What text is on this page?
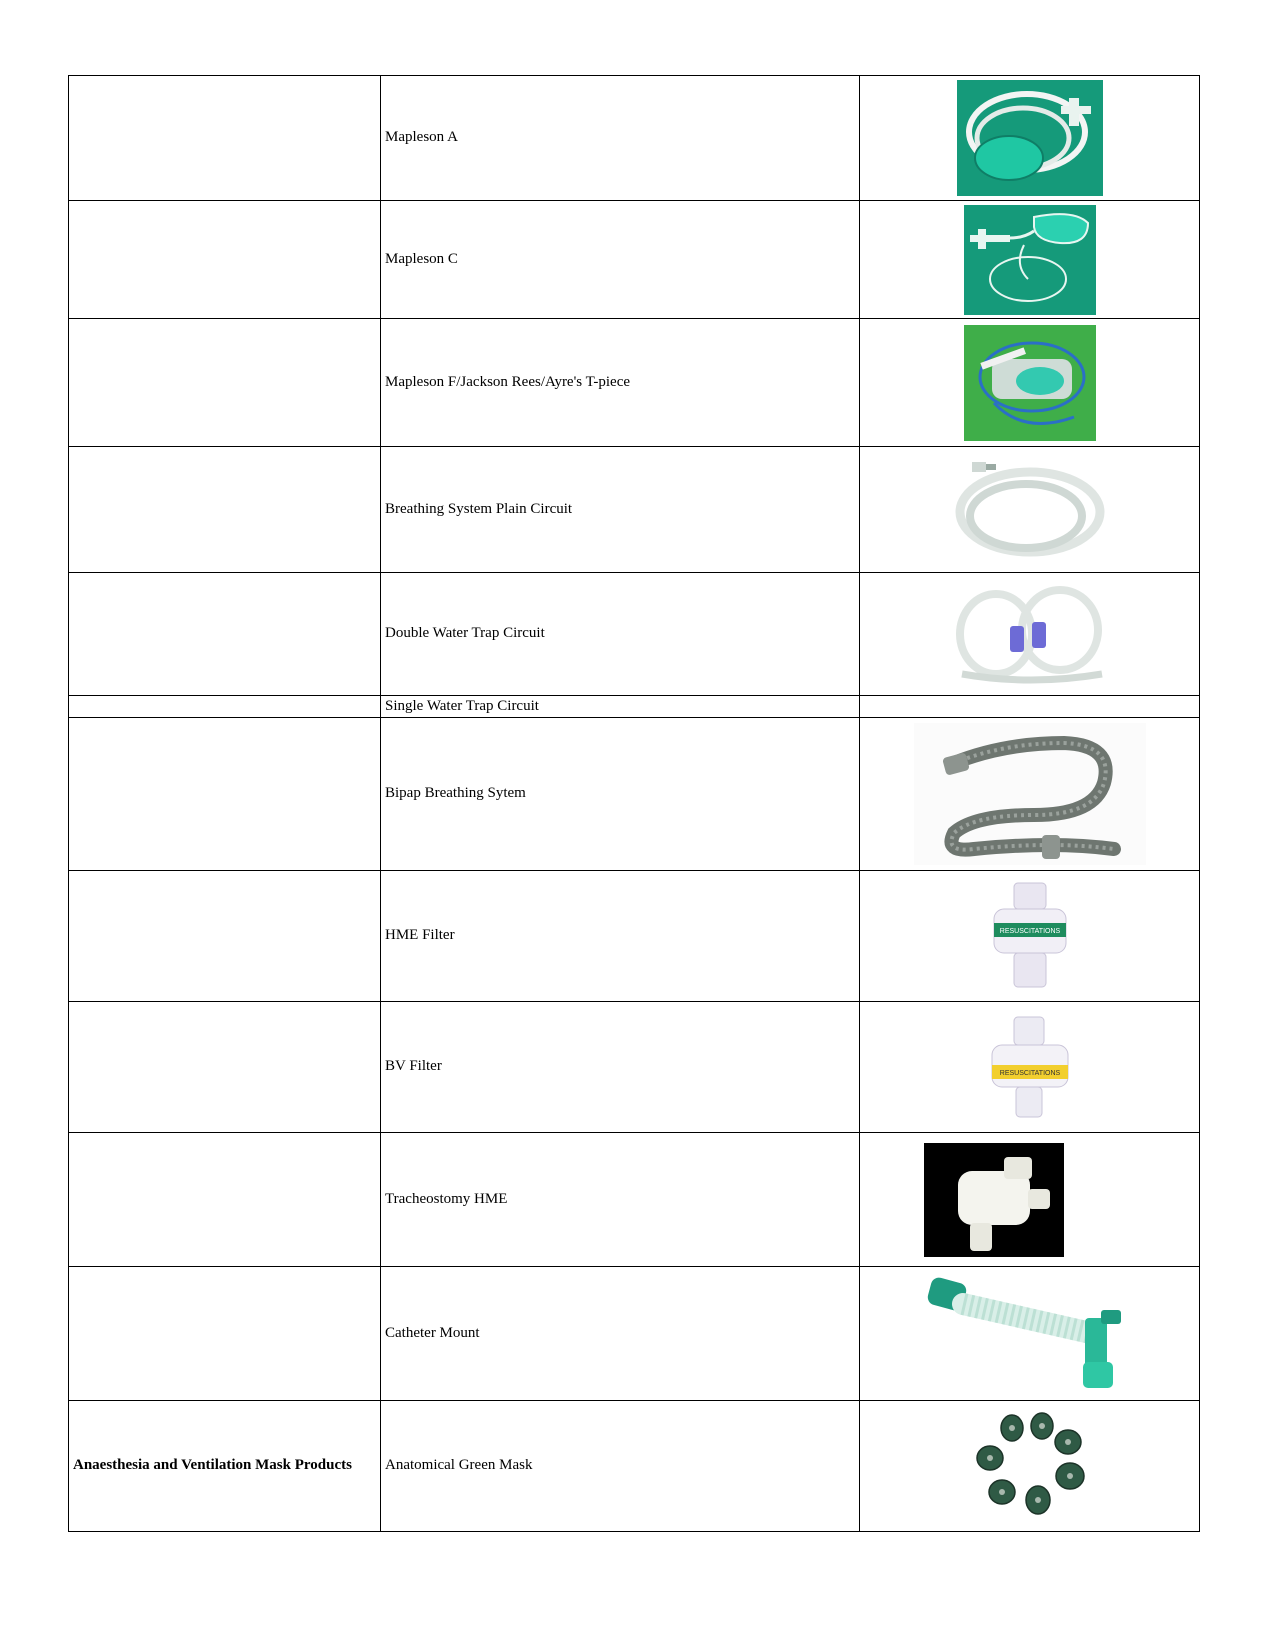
	Mapleson A	

	Mapleson C	

	Mapleson F/Jackson Rees/Ayre's T-piece	

	Breathing System Plain Circuit	

	Double Water Trap Circuit	

	Single Water Trap Circuit	
	Bipap Breathing Sytem	

	HME Filter	RESUSCITATIONS

	BV Filter	RESUSCITATIONS

	Tracheostomy HME	

	Catheter Mount	

Anaesthesia and Ventilation Mask Products	Anatomical Green Mask	
